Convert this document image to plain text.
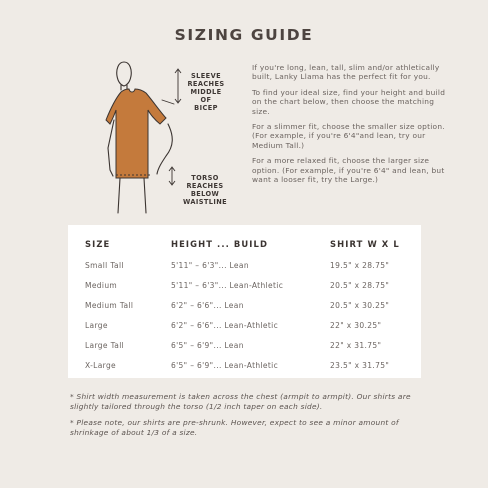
SIZING GUIDE
SLEEVE
REACHES
MIDDLE
OF
BICEP
TORSO
REACHES
BELOW
WAISTLINE

If you're long, lean, tall, slim and/or athletically built, Lanky Llama has the perfect fit for you.

To find your ideal size, find your height and build on the chart below, then choose the matching size.

For a slimmer fit, choose the smaller size option. (For example, if you're 6'4"and lean, try our Medium Tall.)

For a more relaxed fit, choose the larger size option. (For example, if you're 6'4" and lean, but want a looser fit, try the Large.)

SIZE	HEIGHT ... BUILD	SHIRT W X L
Small Tall	5'11" – 6'3"... Lean	19.5" x 28.75"
Medium	5'11" – 6'3"... Lean-Athletic	20.5" x 28.75"
Medium Tall	6'2" – 6'6"... Lean	20.5" x 30.25"
Large	6'2" – 6'6"... Lean-Athletic	22" x 30.25"
Large Tall	6'5" – 6'9"... Lean	22" x 31.75"
X-Large	6'5" – 6'9"... Lean-Athletic	23.5" x 31.75"

* Shirt width measurement is taken across the chest (armpit to armpit). Our shirts are slightly tailored through the torso (1/2 inch taper on each side).

* Please note, our shirts are pre-shrunk. However, expect to see a minor amount of shrinkage of about 1/3 of a size.
